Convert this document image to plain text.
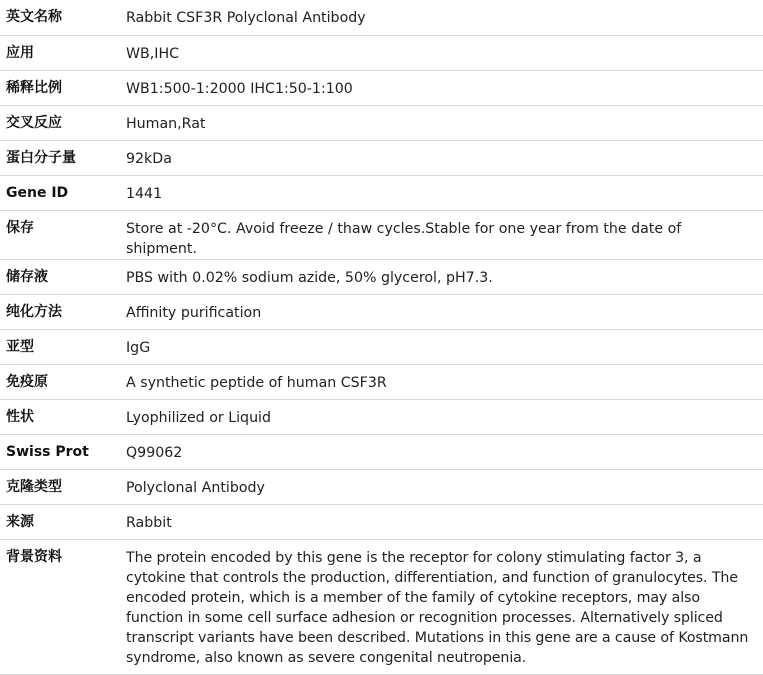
英文名称	Rabbit CSF3R Polyclonal Antibody
应用	WB,IHC
稀释比例	WB1:500-1:2000 IHC1:50-1:100
交叉反应	Human,Rat
蛋白分子量	92kDa
Gene ID	1441
保存	Store at -20°C. Avoid freeze / thaw cycles.Stable for one year from the date of shipment.
储存液	PBS with 0.02% sodium azide, 50% glycerol, pH7.3.
纯化方法	Affinity purification
亚型	IgG
免疫原	A synthetic peptide of human CSF3R
性状	Lyophilized or Liquid
Swiss Prot	Q99062
克隆类型	Polyclonal Antibody
来源	Rabbit
背景资料	The protein encoded by this gene is the receptor for colony stimulating factor 3, a cytokine that controls the production, differentiation, and function of granulocytes. The encoded protein, which is a member of the family of cytokine receptors, may also function in some cell surface adhesion or recognition processes. Alternatively spliced transcript variants have been described. Mutations in this gene are a cause of Kostmann syndrome, also known as severe congenital neutropenia.
